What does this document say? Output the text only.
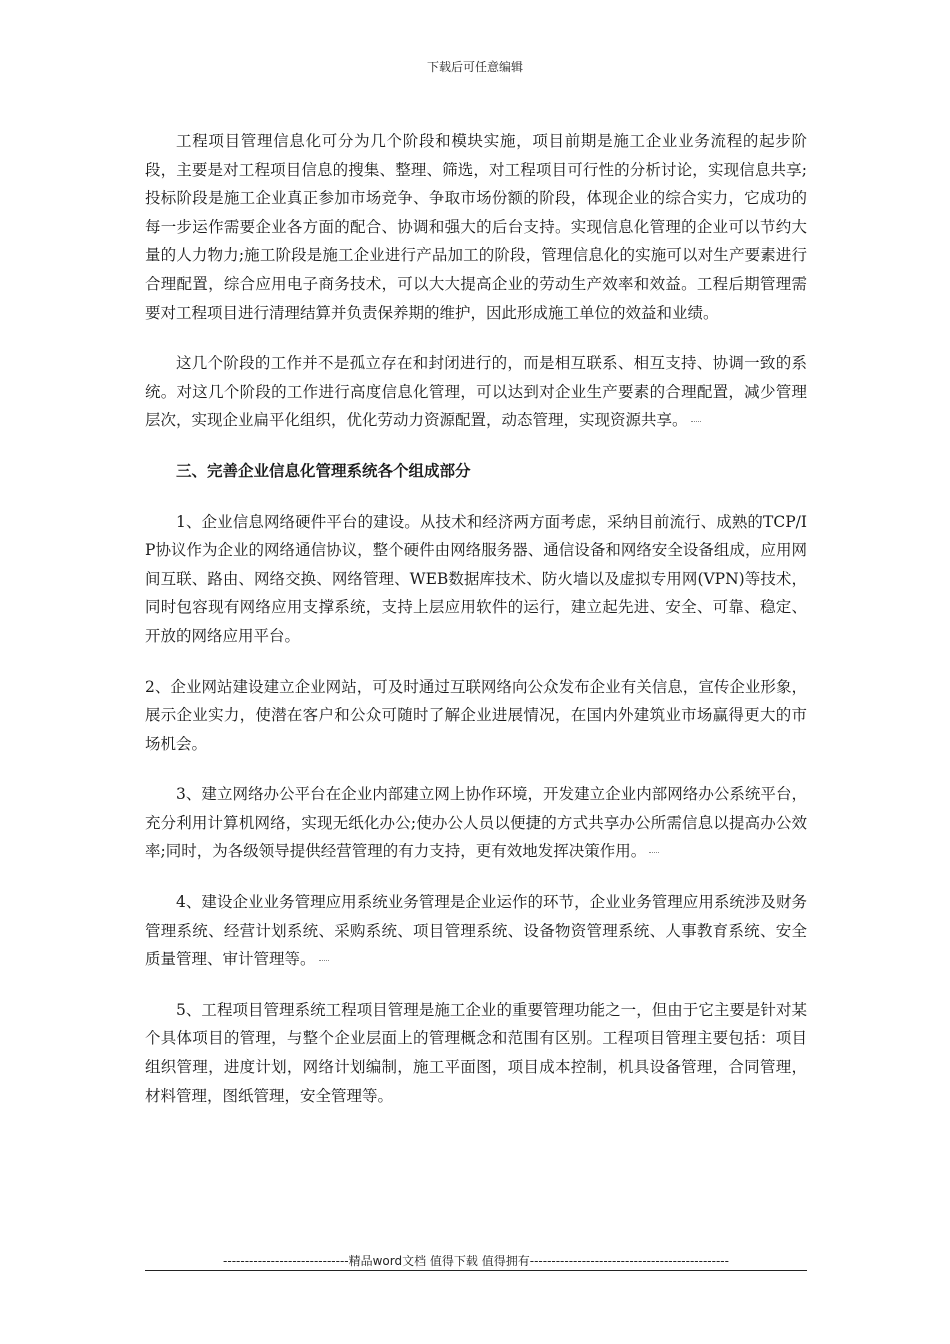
下载后可任意编辑

工程项目管理信息化可分为几个阶段和模块实施，项目前期是施工企业业务流程的起步阶段，主要是对工程项目信息的搜集、整理、筛选，对工程项目可行性的分析讨论，实现信息共享;投标阶段是施工企业真正参加市场竞争、争取市场份额的阶段，体现企业的综合实力，它成功的每一步运作需要企业各方面的配合、协调和强大的后台支持。实现信息化管理的企业可以节约大量的人力物力;施工阶段是施工企业进行产品加工的阶段，管理信息化的实施可以对生产要素进行合理配置，综合应用电子商务技术，可以大大提高企业的劳动生产效率和效益。工程后期管理需要对工程项目进行清理结算并负责保养期的维护，因此形成施工单位的效益和业绩。

这几个阶段的工作并不是孤立存在和封闭进行的，而是相互联系、相互支持、协调一致的系统。对这几个阶段的工作进行高度信息化管理，可以达到对企业生产要素的合理配置，减少管理层次，实现企业扁平化组织，优化劳动力资源配置，动态管理，实现资源共享。

三、完善企业信息化管理系统各个组成部分

1、企业信息网络硬件平台的建设。从技术和经济两方面考虑，采纳目前流行、成熟的TCP/IP协议作为企业的网络通信协议，整个硬件由网络服务器、通信设备和网络安全设备组成，应用网间互联、路由、网络交换、网络管理、WEB数据库技术、防火墙以及虚拟专用网(VPN)等技术，同时包容现有网络应用支撑系统，支持上层应用软件的运行，建立起先进、安全、可靠、稳定、开放的网络应用平台。

2、企业网站建设建立企业网站，可及时通过互联网络向公众发布企业有关信息，宣传企业形象，展示企业实力，使潜在客户和公众可随时了解企业进展情况，在国内外建筑业市场赢得更大的市场机会。

3、建立网络办公平台在企业内部建立网上协作环境，开发建立企业内部网络办公系统平台，充分利用计算机网络，实现无纸化办公;使办公人员以便捷的方式共享办公所需信息以提高办公效率;同时，为各级领导提供经营管理的有力支持，更有效地发挥决策作用。

4、建设企业业务管理应用系统业务管理是企业运作的环节，企业业务管理应用系统涉及财务管理系统、经营计划系统、采购系统、项目管理系统、设备物资管理系统、人事教育系统、安全质量管理、审计管理等。

5、工程项目管理系统工程项目管理是施工企业的重要管理功能之一，但由于它主要是针对某个具体项目的管理，与整个企业层面上的管理概念和范围有区别。工程项目管理主要包括：项目组织管理，进度计划，网络计划编制，施工平面图，项目成本控制，机具设备管理，合同管理，材料管理，图纸管理，安全管理等。

-----------------------------精品word文档 值得下载 值得拥有----------------------------------------------
